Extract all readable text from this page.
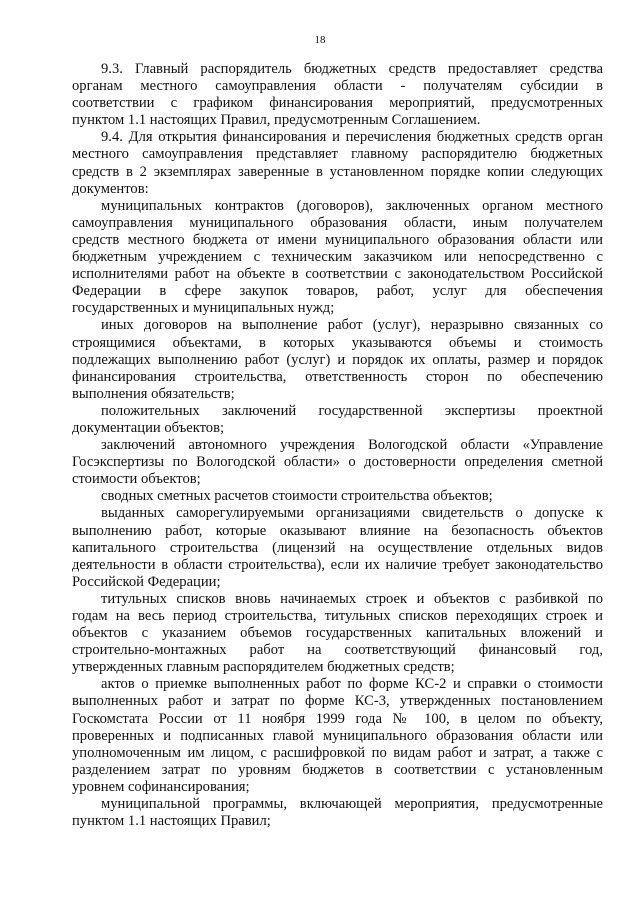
18
9.3. Главный распорядитель бюджетных средств предоставляет средства
органам местного самоуправления области - получателям субсидии в
соответствии с графиком финансирования мероприятий, предусмотренных
пунктом 1.1 настоящих Правил, предусмотренным Соглашением.
9.4. Для открытия финансирования и перечисления бюджетных средств орган
местного самоуправления представляет главному распорядителю бюджетных
средств в 2 экземплярах заверенные в установленном порядке копии следующих
документов:
муниципальных контрактов (договоров), заключенных органом местного
самоуправления муниципального образования области, иным получателем
средств местного бюджета от имени муниципального образования области или
бюджетным учреждением с техническим заказчиком или непосредственно с
исполнителями работ на объекте в соответствии с законодательством Российской
Федерации в сфере закупок товаров, работ, услуг для обеспечения
государственных и муниципальных нужд;
иных договоров на выполнение работ (услуг), неразрывно связанных со
строящимися объектами, в которых указываются объемы и стоимость
подлежащих выполнению работ (услуг) и порядок их оплаты, размер и порядок
финансирования строительства, ответственность сторон по обеспечению
выполнения обязательств;
положительных заключений государственной экспертизы проектной
документации объектов;
заключений автономного учреждения Вологодской области «Управление
Госэкспертизы по Вологодской области» о достоверности определения сметной
стоимости объектов;
сводных сметных расчетов стоимости строительства объектов;
выданных саморегулируемыми организациями свидетельств о допуске к
выполнению работ, которые оказывают влияние на безопасность объектов
капитального строительства (лицензий на осуществление отдельных видов
деятельности в области строительства), если их наличие требует законодательство
Российской Федерации;
титульных списков вновь начинаемых строек и объектов с разбивкой по
годам на весь период строительства, титульных списков переходящих строек и
объектов с указанием объемов государственных капитальных вложений и
строительно-монтажных работ на соответствующий финансовый год,
утвержденных главным распорядителем бюджетных средств;
актов о приемке выполненных работ по форме КС-2 и справки о стоимости
выполненных работ и затрат по форме КС-3, утвержденных постановлением
Госкомстата России от 11 ноября 1999 года № 100, в целом по объекту,
проверенных и подписанных главой муниципального образования области или
уполномоченным им лицом, с расшифровкой по видам работ и затрат, а также с
разделением затрат по уровням бюджетов в соответствии с установленным
уровнем софинансирования;
муниципальной программы, включающей мероприятия, предусмотренные
пунктом 1.1 настоящих Правил;
